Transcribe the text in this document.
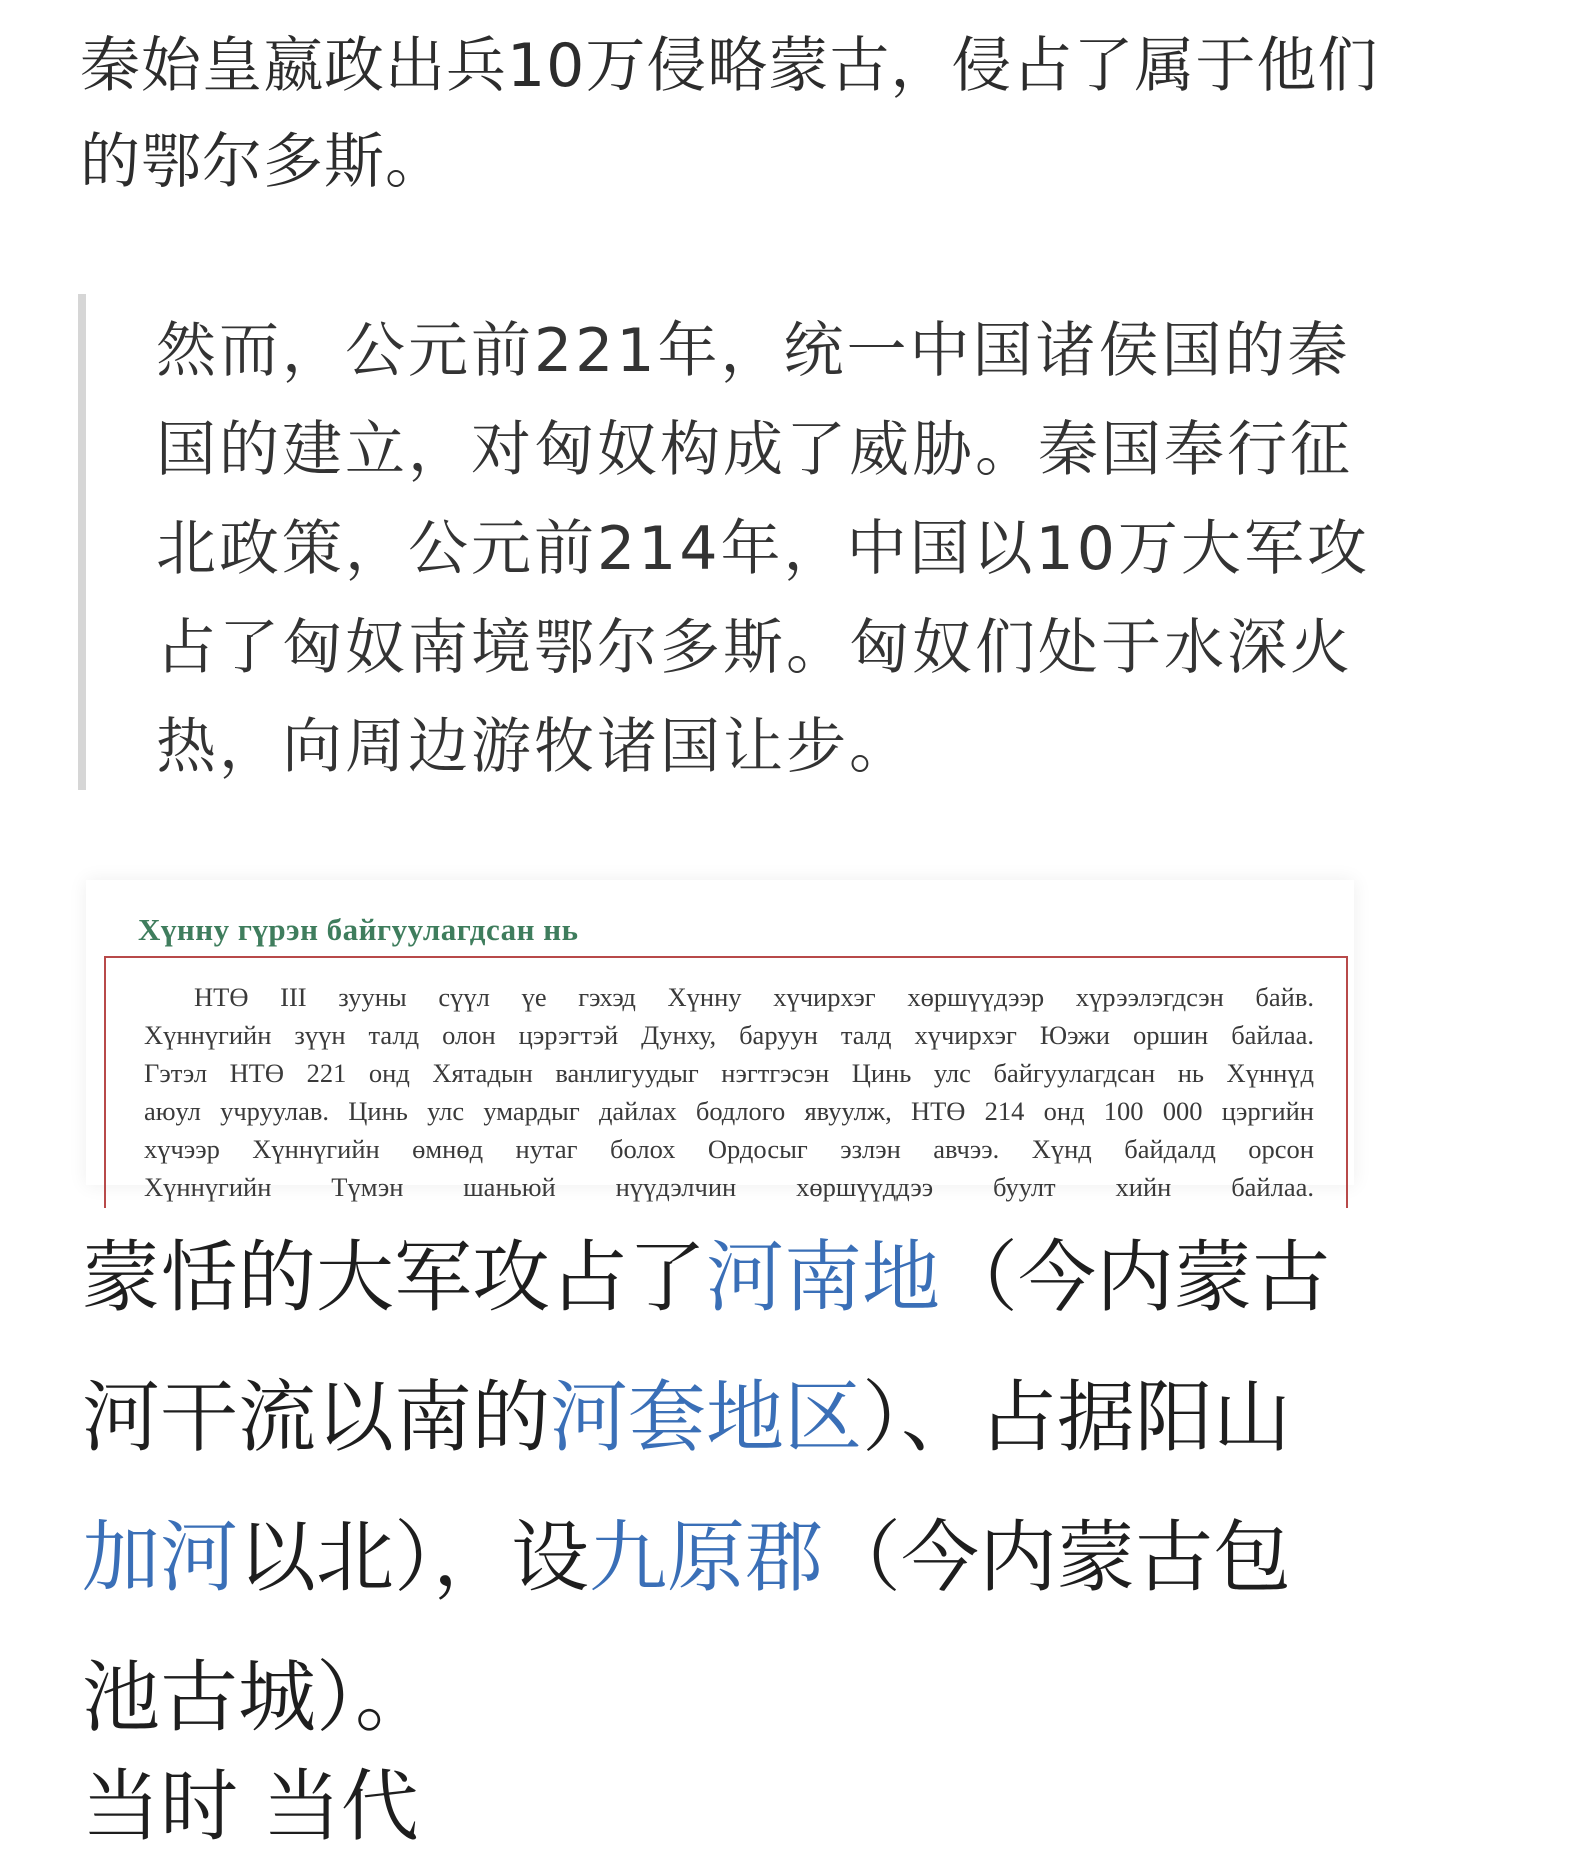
秦始皇嬴政出兵10万侵略蒙古，侵占了属于他们的鄂尔多斯。
然而，公元前221年，统一中国诸侯国的秦国的建立，对匈奴构成了威胁。秦国奉行征北政策，公元前214年，中国以10万大军攻占了匈奴南境鄂尔多斯。匈奴们处于水深火热，向周边游牧诸国让步。
Хүнну гүрэн байгуулагдсан нь
НТӨ III зууны сүүл үе гэхэд Хүнну хүчирхэг хөршүүдээр хүрээлэгдсэн байв.
Хүннүгийн зүүн талд олон цэрэгтэй Дунху, баруун талд хүчирхэг Юэжи оршин байлаа.
Гэтэл НТӨ 221 онд Хятадын ванлигуудыг нэгтгэсэн Цинь улс байгуулагдсан нь Хүннүд
аюул учруулав. Цинь улс умардыг дайлах бодлого явуулж, НТӨ 214 онд 100 000 цэргийн
хүчээр Хүннүгийн өмнөд нутаг болох Ордосыг эзлэн авчээ. Хүнд байдалд орсон
Хүннүгийн Түмэн шаньюй нүүдэлчин хөршүүддээ буулт хийн байлаа.
蒙恬的大军攻占了河南地（今内蒙古
河干流以南的河套地区）、占据阳山
加河以北），设九原郡（今内蒙古包
池古城）。
当时 当代
